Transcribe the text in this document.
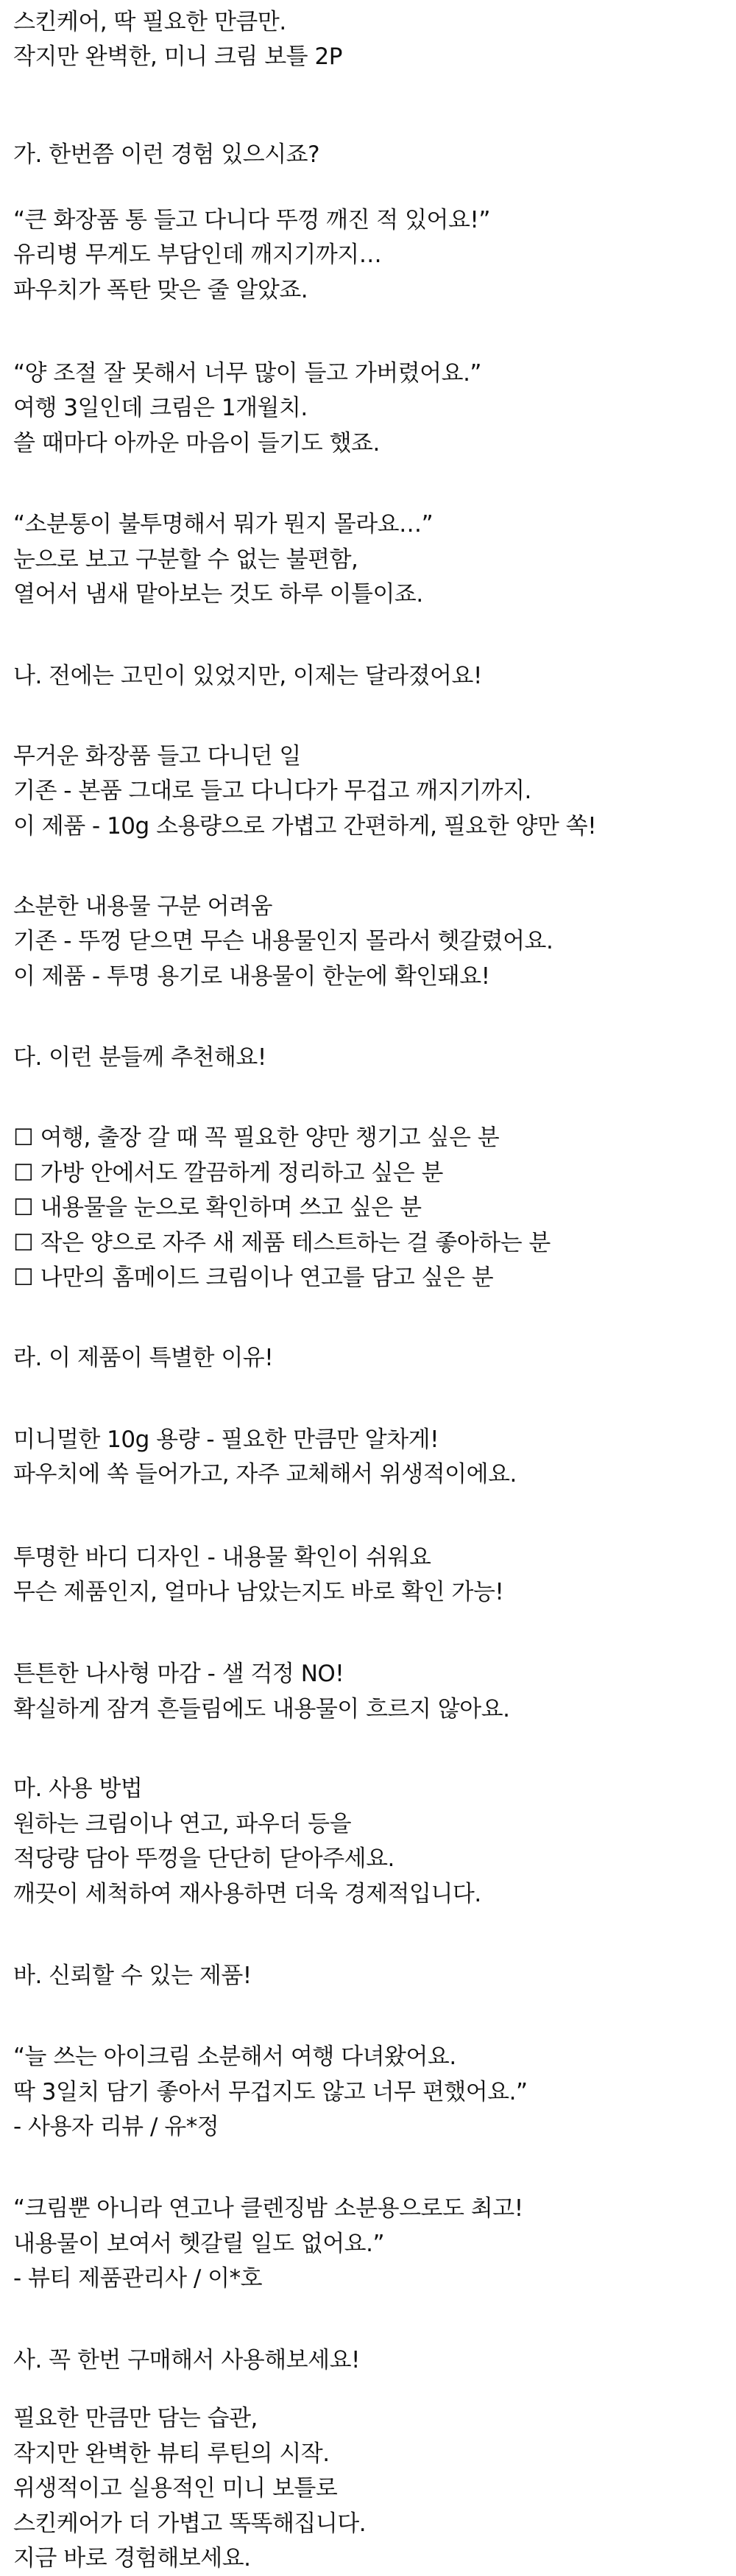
스킨케어, 딱 필요한 만큼만.
작지만 완벽한, 미니 크림 보틀 2P
가. 한번쯤 이런 경험 있으시죠?
“큰 화장품 통 들고 다니다 뚜껑 깨진 적 있어요!”
유리병 무게도 부담인데 깨지기까지…
파우치가 폭탄 맞은 줄 알았죠.
“양 조절 잘 못해서 너무 많이 들고 가버렸어요.”
여행 3일인데 크림은 1개월치.
쓸 때마다 아까운 마음이 들기도 했죠.
“소분통이 불투명해서 뭐가 뭔지 몰라요…”
눈으로 보고 구분할 수 없는 불편함,
열어서 냄새 맡아보는 것도 하루 이틀이죠.
나. 전에는 고민이 있었지만, 이제는 달라졌어요!
무거운 화장품 들고 다니던 일
기존 - 본품 그대로 들고 다니다가 무겁고 깨지기까지.
이 제품 - 10g 소용량으로 가볍고 간편하게, 필요한 양만 쏙!
소분한 내용물 구분 어려움
기존 - 뚜껑 닫으면 무슨 내용물인지 몰라서 헷갈렸어요.
이 제품 - 투명 용기로 내용물이 한눈에 확인돼요!
다. 이런 분들께 추천해요!
☐ 여행, 출장 갈 때 꼭 필요한 양만 챙기고 싶은 분
☐ 가방 안에서도 깔끔하게 정리하고 싶은 분
☐ 내용물을 눈으로 확인하며 쓰고 싶은 분
☐ 작은 양으로 자주 새 제품 테스트하는 걸 좋아하는 분
☐ 나만의 홈메이드 크림이나 연고를 담고 싶은 분
라. 이 제품이 특별한 이유!
미니멀한 10g 용량 - 필요한 만큼만 알차게!
파우치에 쏙 들어가고, 자주 교체해서 위생적이에요.
투명한 바디 디자인 - 내용물 확인이 쉬워요
무슨 제품인지, 얼마나 남았는지도 바로 확인 가능!
튼튼한 나사형 마감 - 샐 걱정 NO!
확실하게 잠겨 흔들림에도 내용물이 흐르지 않아요.
마. 사용 방법
원하는 크림이나 연고, 파우더 등을
적당량 담아 뚜껑을 단단히 닫아주세요.
깨끗이 세척하여 재사용하면 더욱 경제적입니다.
바. 신뢰할 수 있는 제품!
“늘 쓰는 아이크림 소분해서 여행 다녀왔어요.
딱 3일치 담기 좋아서 무겁지도 않고 너무 편했어요.”
- 사용자 리뷰 / 유*정
“크림뿐 아니라 연고나 클렌징밤 소분용으로도 최고!
내용물이 보여서 헷갈릴 일도 없어요.”
- 뷰티 제품관리사 / 이*호
사. 꼭 한번 구매해서 사용해보세요!
필요한 만큼만 담는 습관,
작지만 완벽한 뷰티 루틴의 시작.
위생적이고 실용적인 미니 보틀로
스킨케어가 더 가볍고 똑똑해집니다.
지금 바로 경험해보세요.
